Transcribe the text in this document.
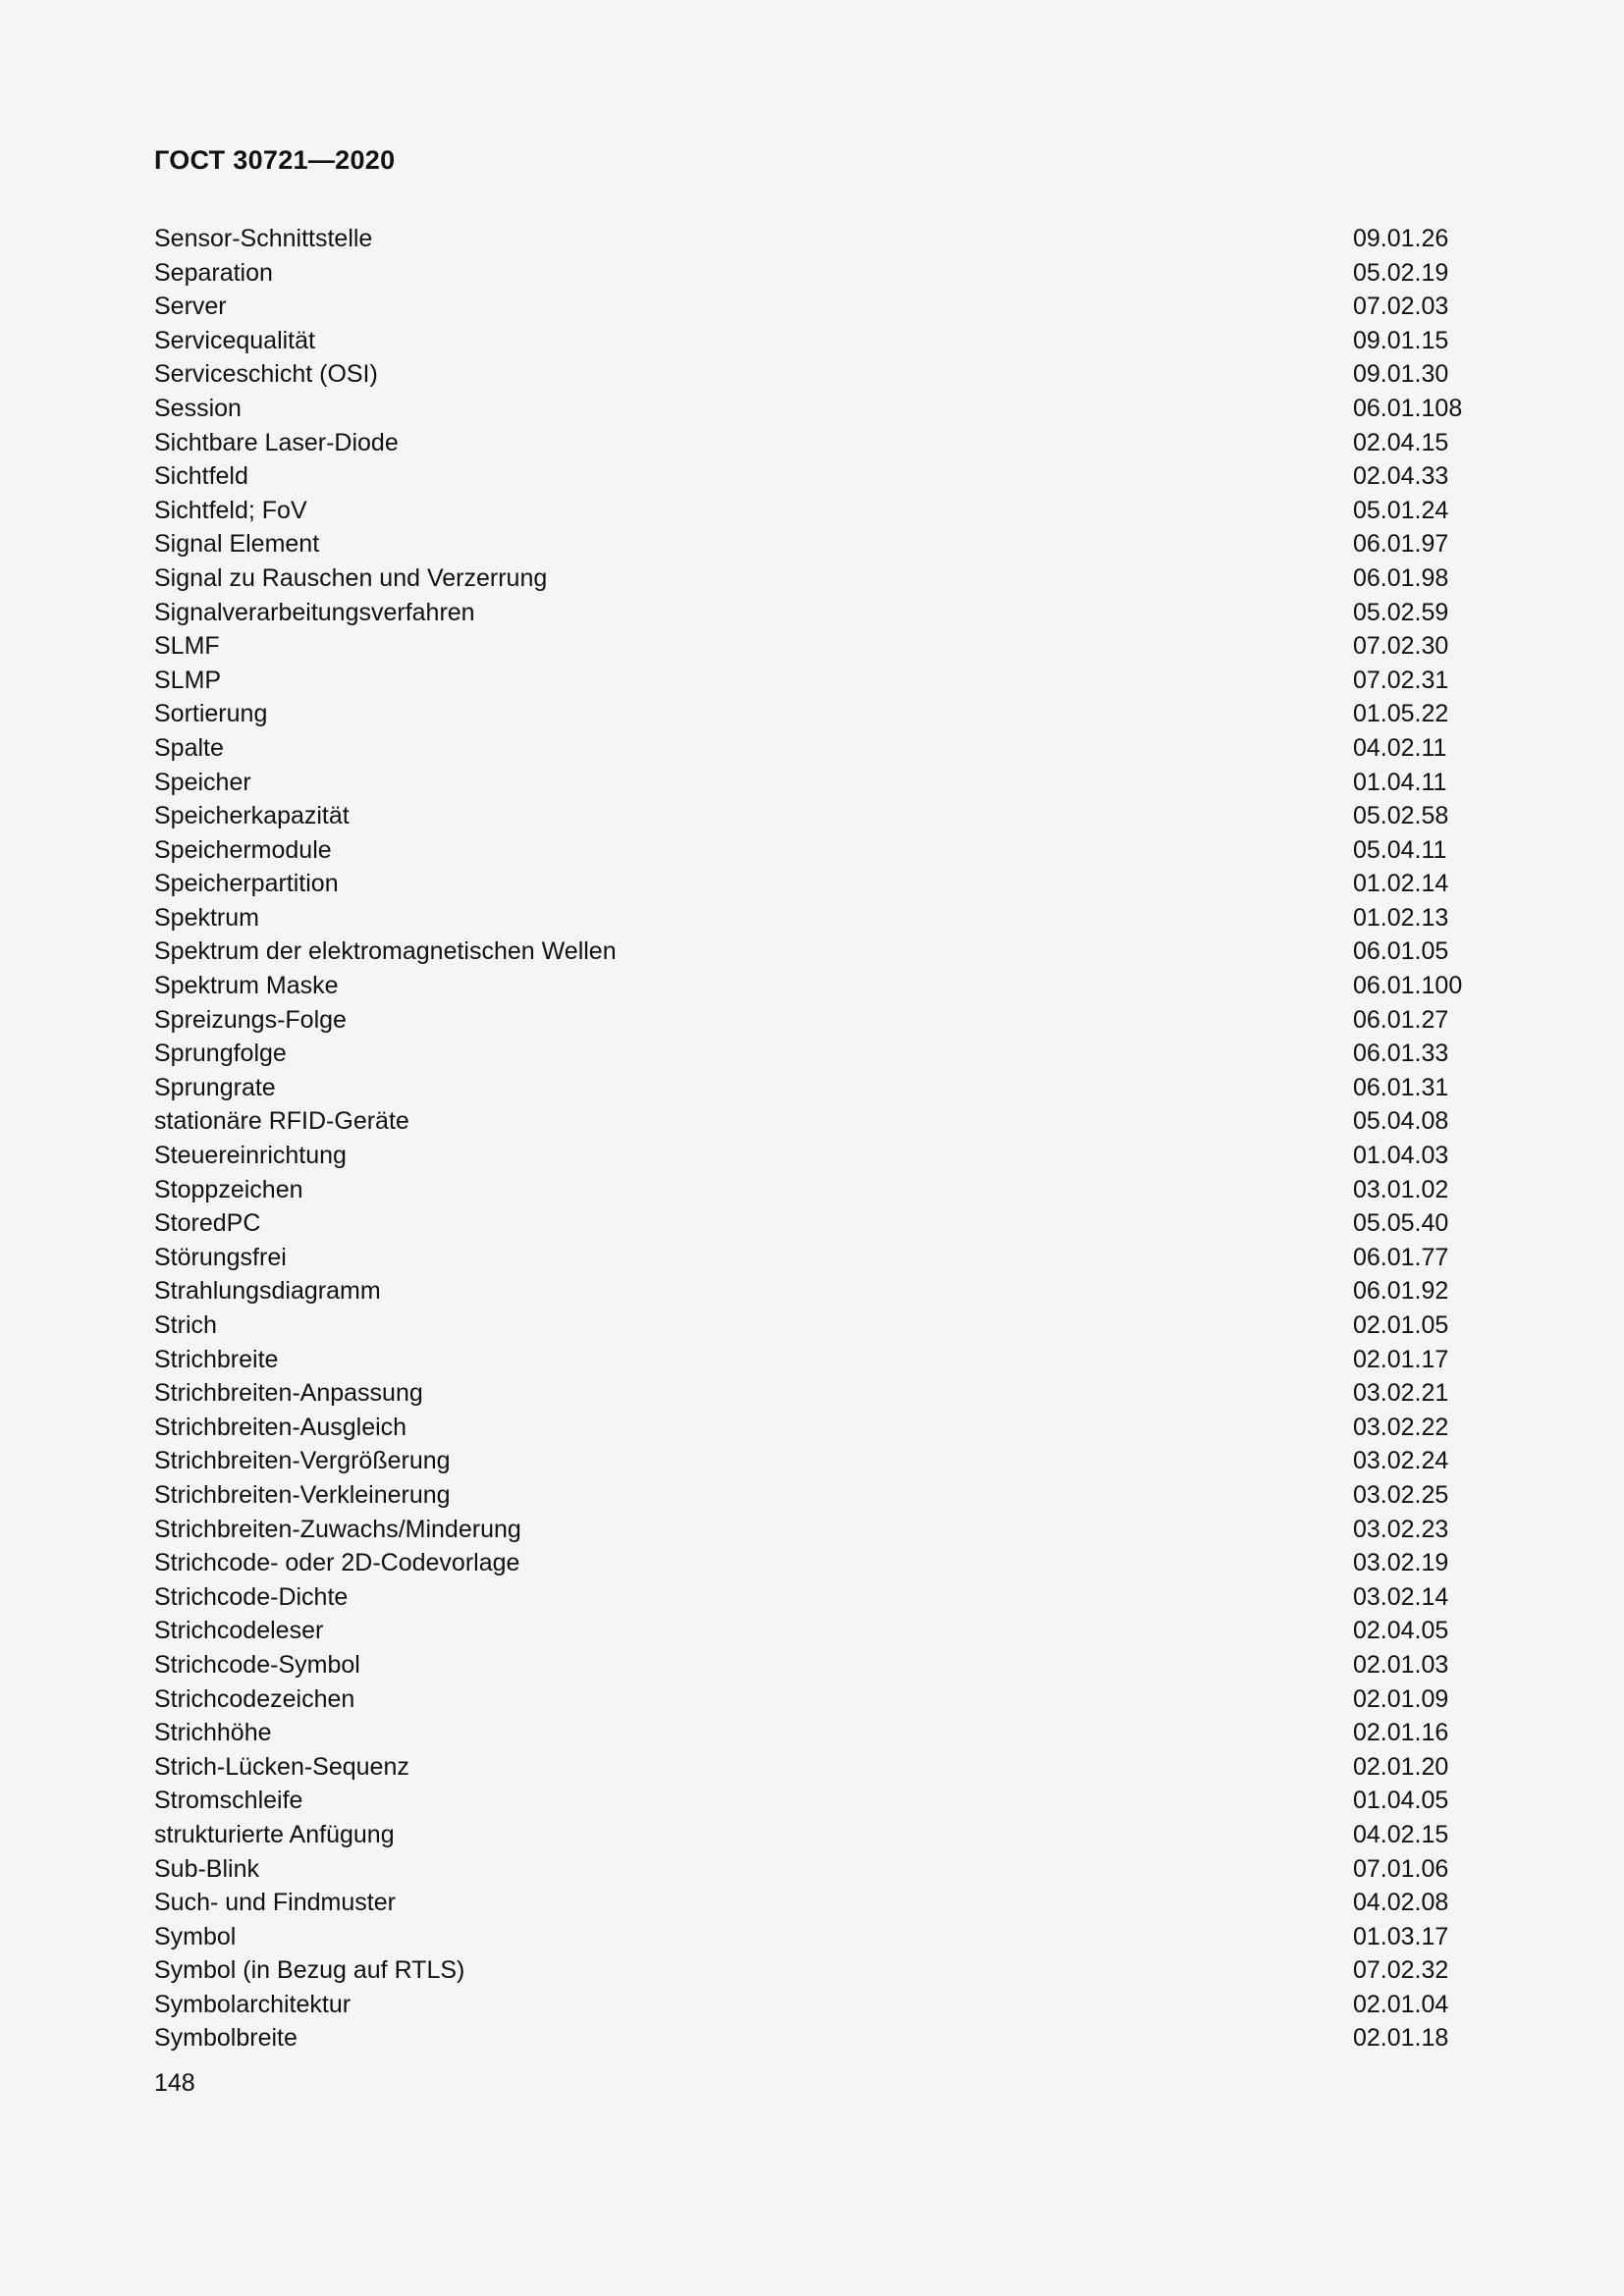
ГОСТ 30721—2020
Sensor-Schnittstelle	09.01.26
Separation	05.02.19
Server	07.02.03
Servicequalität	09.01.15
Serviceschicht (OSI)	09.01.30
Session	06.01.108
Sichtbare Laser-Diode	02.04.15
Sichtfeld	02.04.33
Sichtfeld; FoV	05.01.24
Signal Element	06.01.97
Signal zu Rauschen und Verzerrung	06.01.98
Signalverarbeitungsverfahren	05.02.59
SLMF	07.02.30
SLMP	07.02.31
Sortierung	01.05.22
Spalte	04.02.11
Speicher	01.04.11
Speicherkapazität	05.02.58
Speichermodule	05.04.11
Speicherpartition	01.02.14
Spektrum	01.02.13
Spektrum der elektromagnetischen Wellen	06.01.05
Spektrum Maske	06.01.100
Spreizungs-Folge	06.01.27
Sprungfolge	06.01.33
Sprungrate	06.01.31
stationäre RFID-Geräte	05.04.08
Steuereinrichtung	01.04.03
Stoppzeichen	03.01.02
StoredPC	05.05.40
Störungsfrei	06.01.77
Strahlungsdiagramm	06.01.92
Strich	02.01.05
Strichbreite	02.01.17
Strichbreiten-Anpassung	03.02.21
Strichbreiten-Ausgleich	03.02.22
Strichbreiten-Vergrößerung	03.02.24
Strichbreiten-Verkleinerung	03.02.25
Strichbreiten-Zuwachs/Minderung	03.02.23
Strichcode- oder 2D-Codevorlage	03.02.19
Strichcode-Dichte	03.02.14
Strichcodeleser	02.04.05
Strichcode-Symbol	02.01.03
Strichcodezeichen	02.01.09
Strichhöhe	02.01.16
Strich-Lücken-Sequenz	02.01.20
Stromschleife	01.04.05
strukturierte Anfügung	04.02.15
Sub-Blink	07.01.06
Such- und Findmuster	04.02.08
Symbol	01.03.17
Symbol (in Bezug auf RTLS)	07.02.32
Symbolarchitektur	02.01.04
Symbolbreite	02.01.18
148
